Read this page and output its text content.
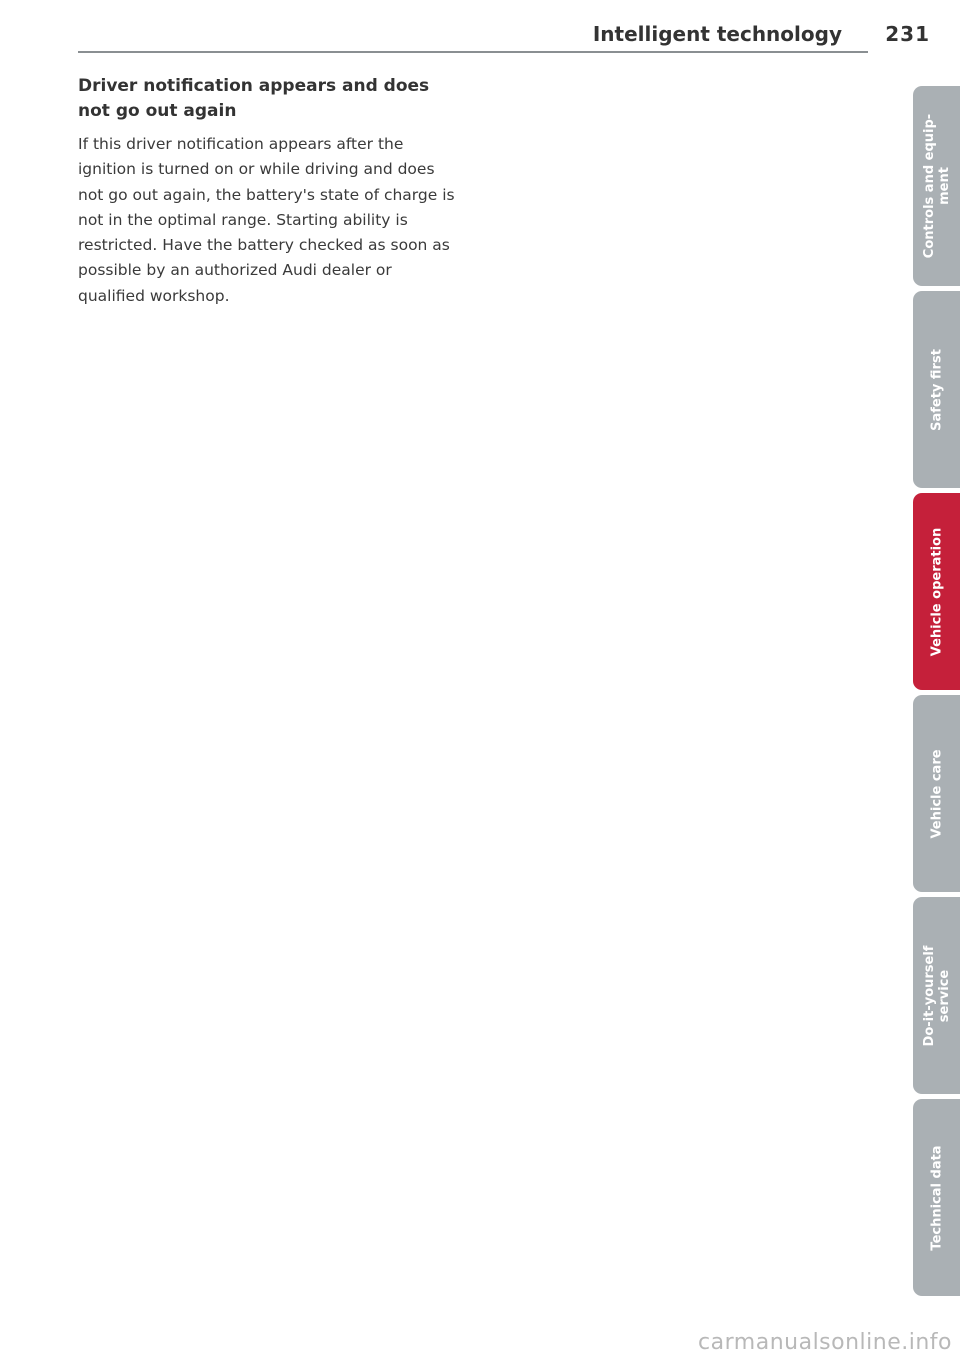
Intelligent technology 231
Driver notification appears and does not go out again

If this driver notification appears after the ignition is turned on or while driving and does not go out again, the battery's state of charge is not in the optimal range. Starting ability is restricted. Have the battery checked as soon as possible by an authorized Audi dealer or qualified workshop.

Controls and equip-
ment
Safety first
Vehicle operation
Vehicle care
Do-it-yourself
service
Technical data
carmanualsonline.info
